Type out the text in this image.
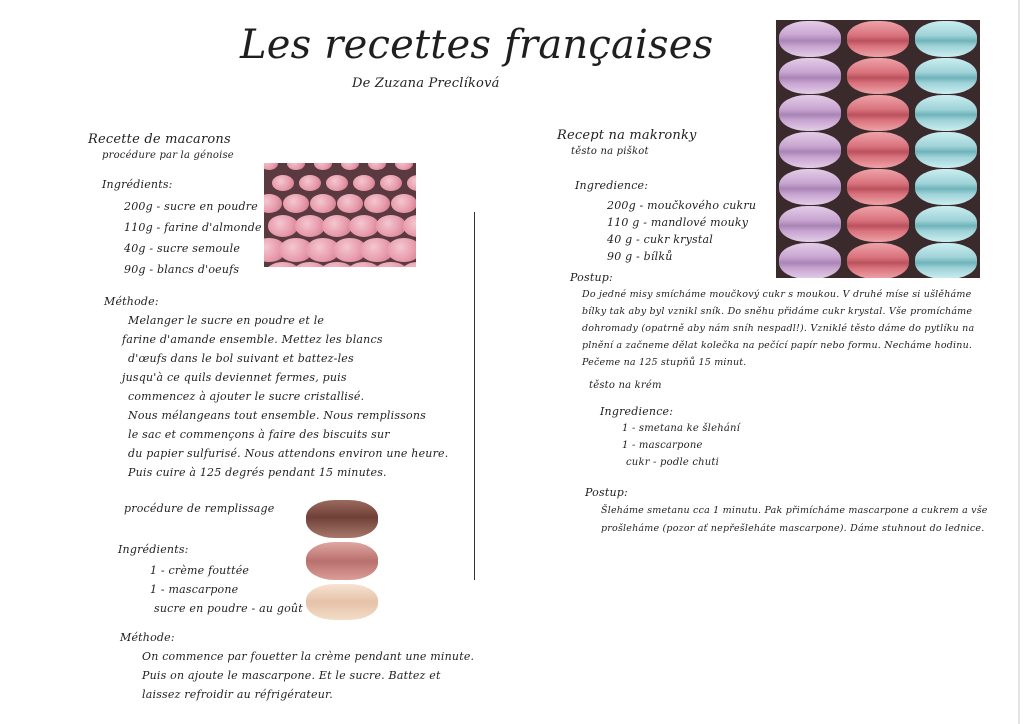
Les recettes françaises
De Zuzana Preclíková
Recette de macarons
procédure par la génoise
Ingrédients:
200g - sucre en poudre
110g - farine d'almonde
40g - sucre semoule
90g - blancs d'oeufs
Méthode:
Melanger le sucre en poudre et le
farine d'amande ensemble. Mettez les blancs
d'œufs dans le bol suivant et battez-les
jusqu'à ce quils deviennet fermes, puis
commencez à ajouter le sucre cristallisé.
Nous mélangeans tout ensemble. Nous remplissons
le sac et commençons à faire des biscuits sur
du papier sulfurisé. Nous attendons environ une heure.
Puis cuire à 125 degrés pendant 15 minutes.
procédure de remplissage
Ingrédients:
1 - crème fouttée
1 - mascarpone
sucre en poudre - au goût
Méthode:
On commence par fouetter la crème pendant une minute.
Puis on ajoute le mascarpone. Et le sucre. Battez et
laissez refroidir au réfrigérateur.
Recept na makronky
těsto na piškot
Ingredience:
200g - moučkového cukru
110 g - mandlové mouky
40 g - cukr krystal
90 g - bílků
Postup:
Do jedné misy smícháme moučkový cukr s moukou. V druhé míse si ušlěháme
bílky tak aby byl vznikl sník. Do sněhu přidáme cukr krystal. Vše promícháme
dohromady (opatrně aby nám sníh nespadl!). Vzniklé těsto dáme do pytlíku na
plnění a začneme dělat kolečka na pečící papír nebo formu. Necháme hodinu.
Pečeme na 125 stupňů 15 minut.
těsto na krém
Ingredience:
1 - smetana ke šlehání
1 - mascarpone
cukr - podle chuti
Postup:
Šleháme smetanu cca 1 minutu. Pak přimícháme mascarpone a cukrem a vše
prošleháme (pozor ať nepřešleháte mascarpone). Dáme stuhnout do lednice.
